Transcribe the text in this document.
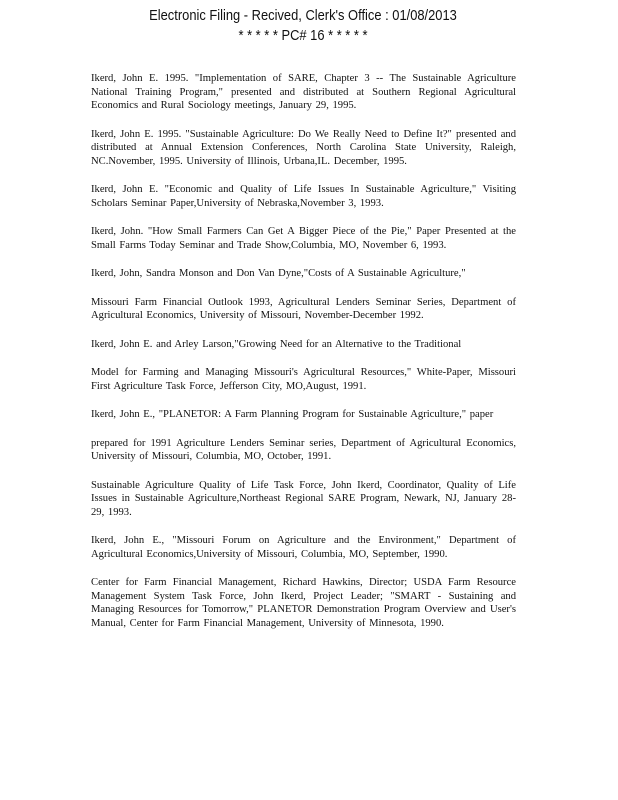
Electronic Filing - Recived, Clerk's Office : 01/08/2013
* * * * * PC# 16 * * * * *

Ikerd, John E. 1995. "Implementation of SARE, Chapter 3 -- The Sustainable Agriculture National Training Program," presented and distributed at Southern Regional Agricultural Economics and Rural Sociology meetings, January 29, 1995.

Ikerd, John E. 1995. "Sustainable Agriculture: Do We Really Need to Define It?" presented and distributed at Annual Extension Conferences, North Carolina State University, Raleigh, NC.November, 1995. University of Illinois, Urbana,IL. December, 1995.

Ikerd, John E. "Economic and Quality of Life Issues In Sustainable Agriculture," Visiting Scholars Seminar Paper,University of Nebraska,November 3, 1993.

Ikerd, John. "How Small Farmers Can Get A Bigger Piece of the Pie," Paper Presented at the Small Farms Today Seminar and Trade Show,Columbia, MO, November 6, 1993.

Ikerd, John, Sandra Monson and Don Van Dyne,"Costs of A Sustainable Agriculture,"

Missouri Farm Financial Outlook 1993, Agricultural Lenders Seminar Series, Department of Agricultural Economics, University of Missouri, November-December 1992.

Ikerd, John E. and Arley Larson,"Growing Need for an Alternative to the Traditional

Model for Farming and Managing Missouri's Agricultural Resources," White-Paper, Missouri First Agriculture Task Force, Jefferson City, MO,August, 1991.

Ikerd, John E., "PLANETOR: A Farm Planning Program for Sustainable Agriculture," paper

prepared for 1991 Agriculture Lenders Seminar series, Department of Agricultural Economics, University of Missouri, Columbia, MO, October, 1991.

Sustainable Agriculture Quality of Life Task Force, John Ikerd, Coordinator, Quality of Life Issues in Sustainable Agriculture,Northeast Regional SARE Program, Newark, NJ, January 28-29, 1993.

Ikerd, John E., "Missouri Forum on Agriculture and the Environment," Department of Agricultural Economics,University of Missouri, Columbia, MO, September, 1990.

Center for Farm Financial Management, Richard Hawkins, Director; USDA Farm Resource Management System Task Force, John Ikerd, Project Leader; "SMART - Sustaining and Managing Resources for Tomorrow," PLANETOR Demonstration Program Overview and User's Manual, Center for Farm Financial Management, University of Minnesota, 1990.
